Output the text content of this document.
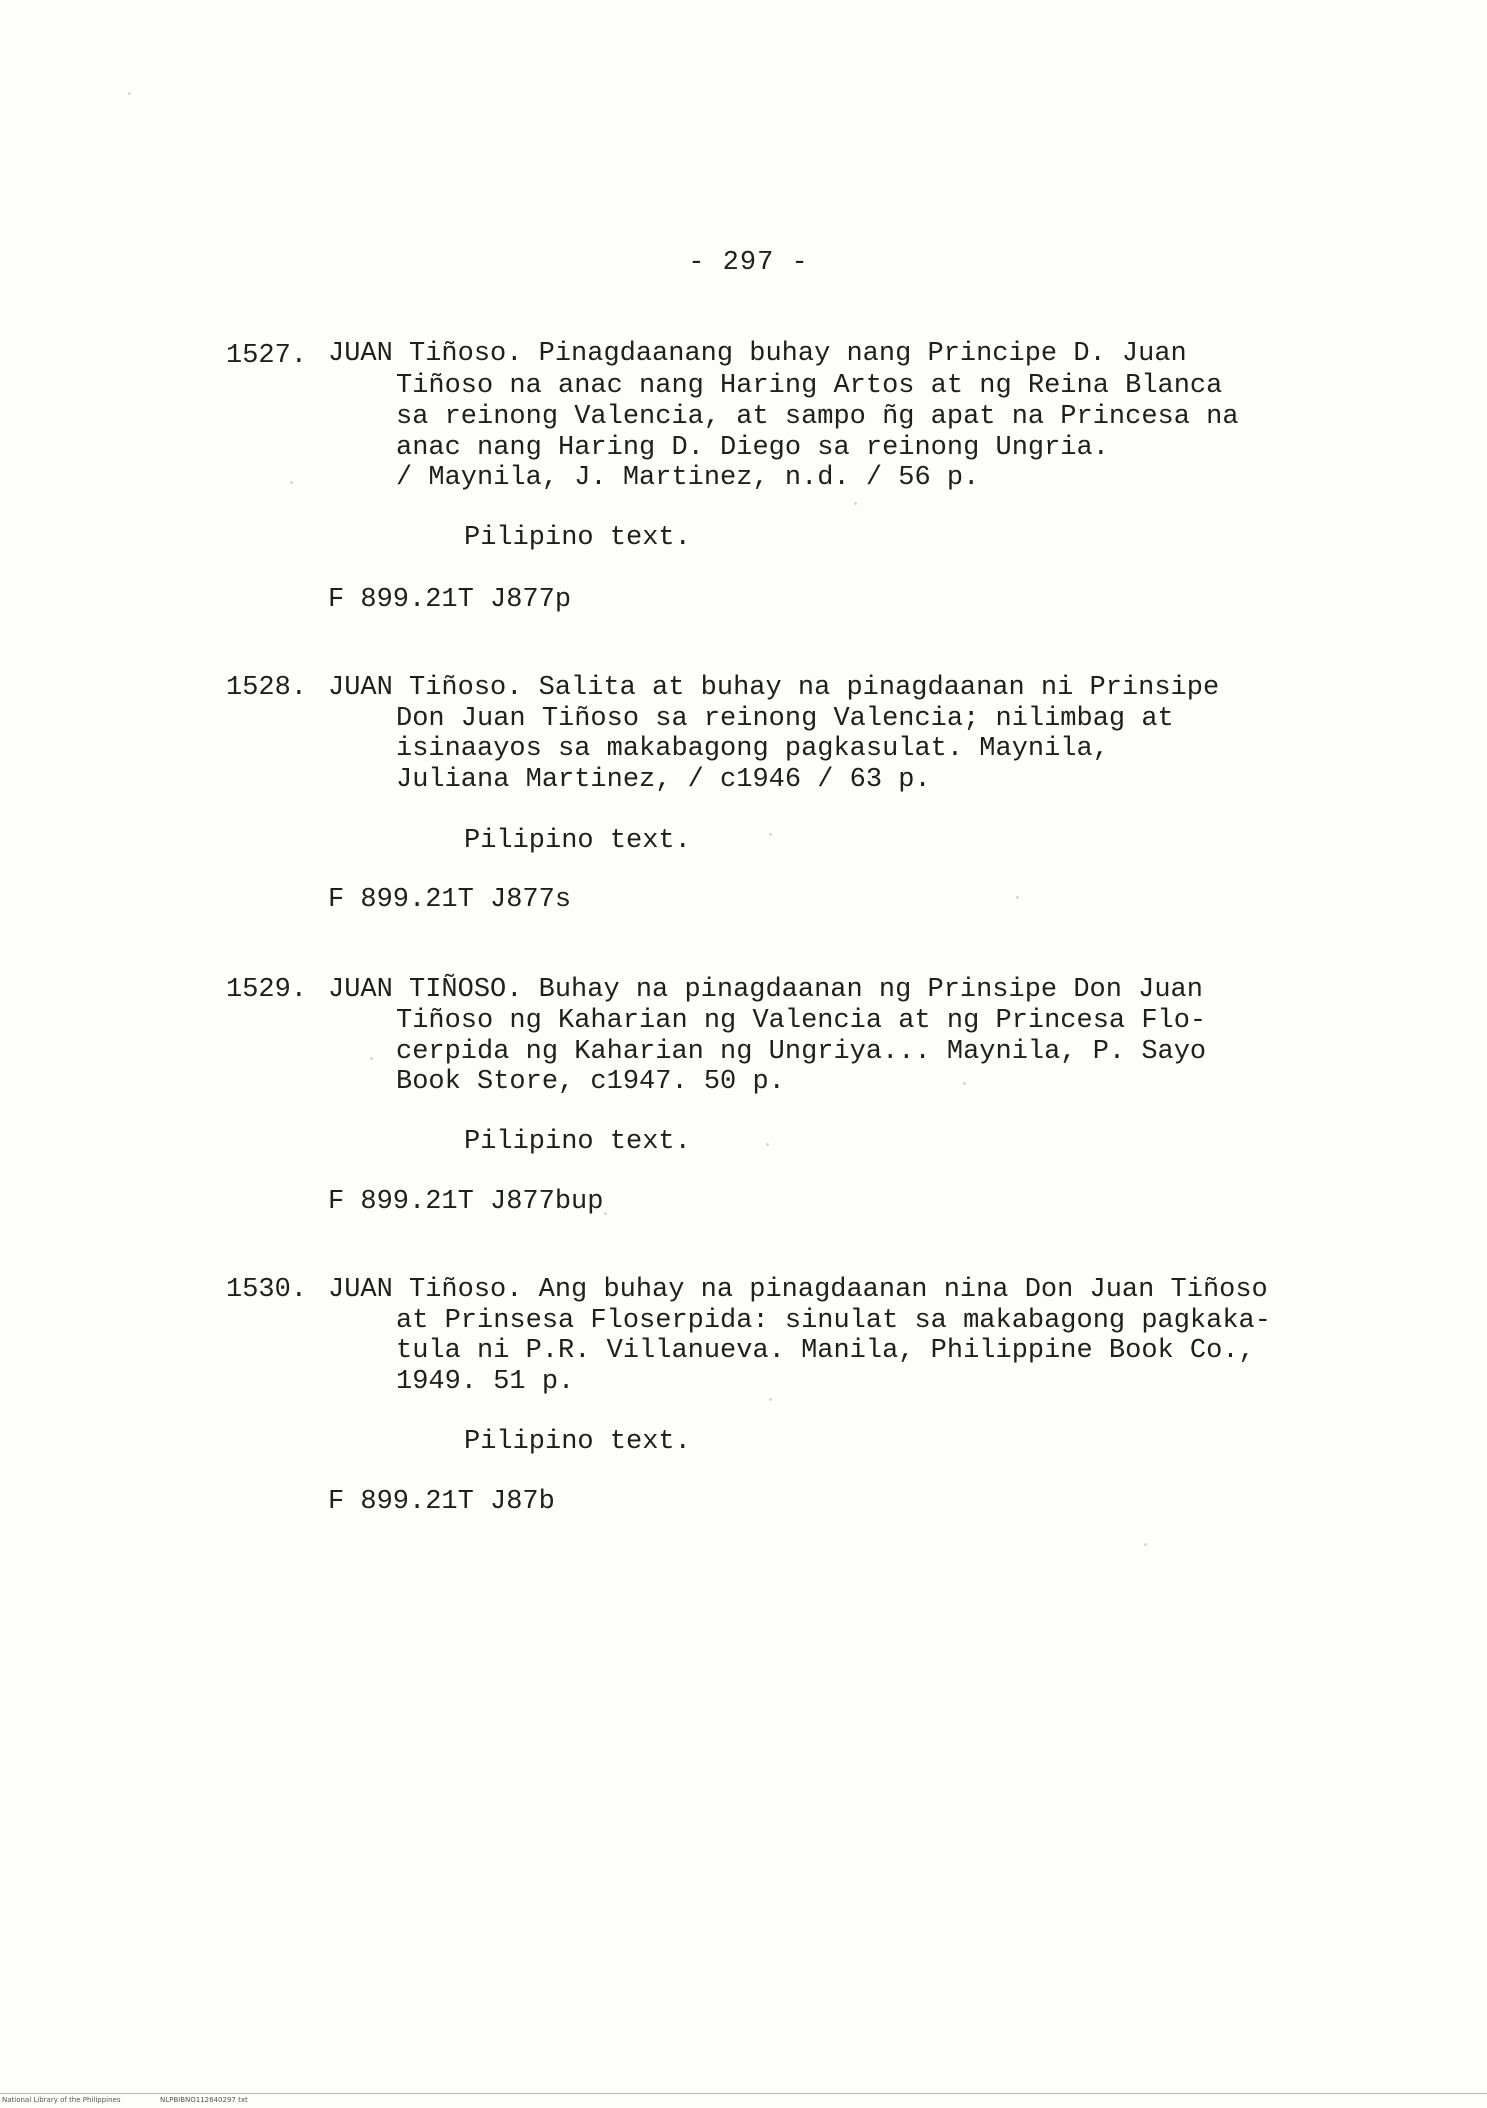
- 297 -
1527. JUAN Tiñoso. Pinagdaanang buhay nang Principe D. Juan
Tiñoso na anac nang Haring Artos at ng Reina Blanca
sa reinong Valencia, at sampo ñg apat na Princesa na
anac nang Haring D. Diego sa reinong Ungria.
/ Maynila, J. Martinez, n.d. / 56 p.
Pilipino text.
F 899.21T J877p
1528. JUAN Tiñoso. Salita at buhay na pinagdaanan ni Prinsipe
Don Juan Tiñoso sa reinong Valencia; nilimbag at
isinaayos sa makabagong pagkasulat. Maynila,
Juliana Martinez, / c1946 / 63 p.
Pilipino text.
F 899.21T J877s
1529. JUAN TIÑOSO. Buhay na pinagdaanan ng Prinsipe Don Juan
Tiñoso ng Kaharian ng Valencia at ng Princesa Flo-
cerpida ng Kaharian ng Ungriya... Maynila, P. Sayo
Book Store, c1947. 50 p.
Pilipino text.
F 899.21T J877bup
1530. JUAN Tiñoso. Ang buhay na pinagdaanan nina Don Juan Tiñoso
at Prinsesa Floserpida: sinulat sa makabagong pagkaka-
tula ni P.R. Villanueva. Manila, Philippine Book Co.,
1949. 51 p.
Pilipino text.
F 899.21T J87b
National Library of the Philippines	NLPBIBNO112640297 txt
